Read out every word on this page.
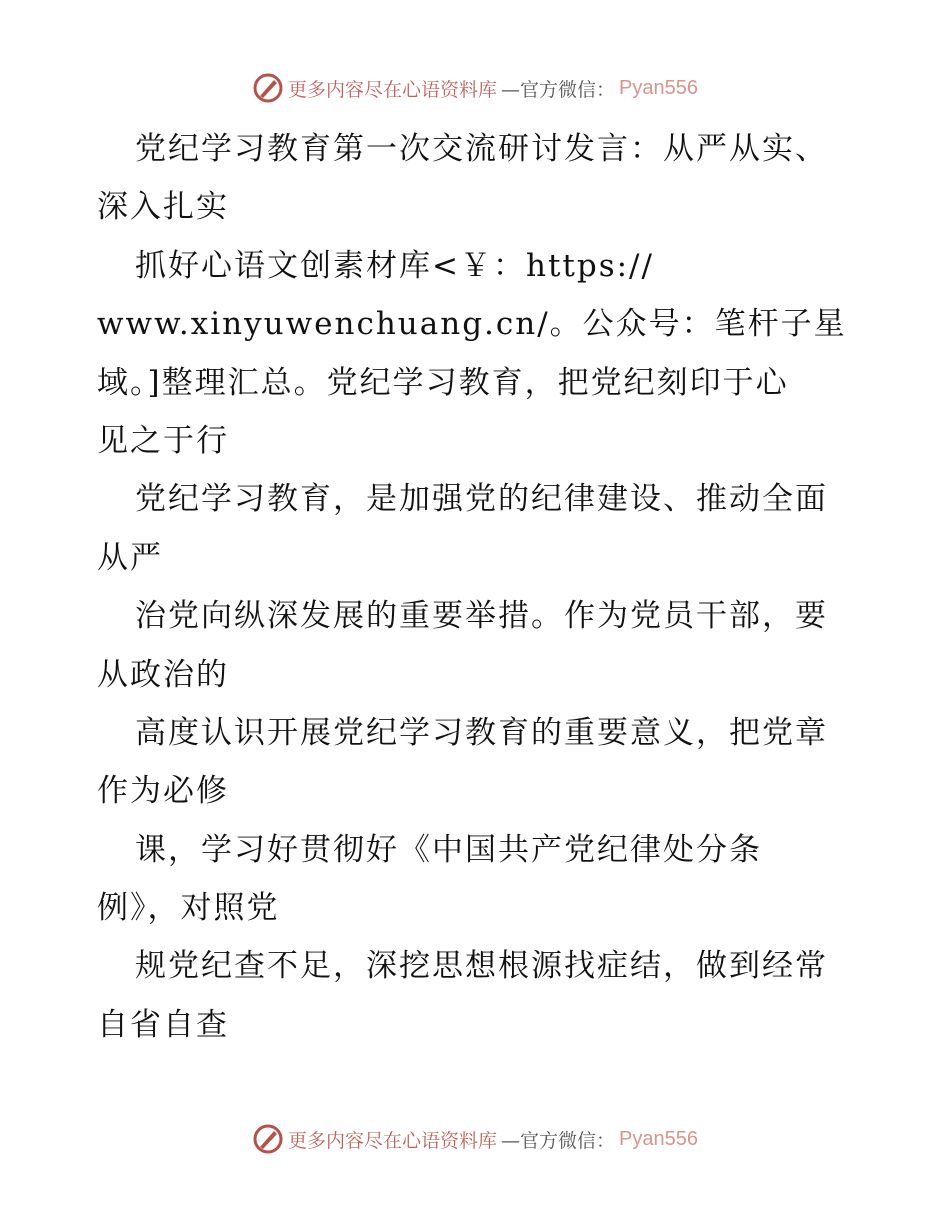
更多内容尽在心语资料库 —官方微信： Pyan556
党纪学习教育第一次交流研讨发言：从严从实、
深入扎实
抓好心语文创素材库<￥：https://
www.xinyuwenchuang.cn/。公众号：笔杆子星
域。]整理汇总。党纪学习教育，把党纪刻印于心
见之于行
党纪学习教育，是加强党的纪律建设、推动全面
从严
治党向纵深发展的重要举措。作为党员干部，要
从政治的
高度认识开展党纪学习教育的重要意义，把党章
作为必修
课，学习好贯彻好《中国共产党纪律处分条
例》，对照党
规党纪查不足，深挖思想根源找症结，做到经常
自省自查
更多内容尽在心语资料库 —官方微信： Pyan556
